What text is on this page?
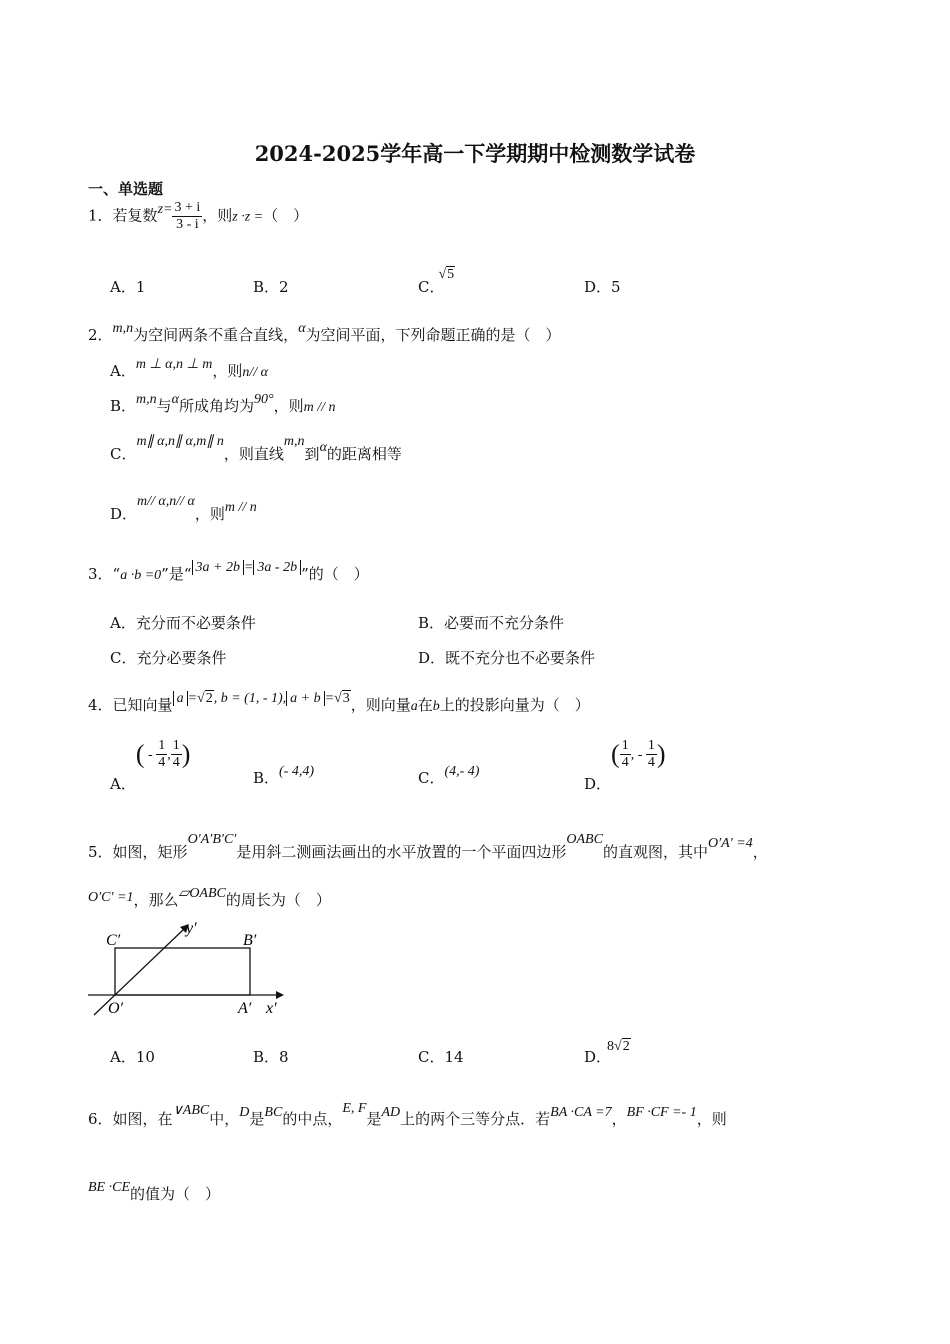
2024-2025学年高一下学期期中检测数学试卷
一、单选题
1．若复数$z= \frac{3 + i}{3 - i}$ ，则z ·z =（　）
A．1	B．2	C．√5
D．5
2．m,n为空间两条不重合直线，α为空间平面，下列命题正确的是（　）
A．m ⊥ α,n ⊥ m，则n// α
B．m,n与α所成角均为90°，则m // n
C．m∥ α,n∥ α,m∥ n，则直线m,n到α的距离相等
D．m// α,n// α，则m // n
3．“a ·b =0”是“ 3a + 2b = 3a - 2b ”的（　）
A．充分而不必要条件	B．必要而不充分条件
C．充分必要条件	D．既不充分也不必要条件
4．已知向量 a =√2, b = (1, - 1), a + b =√3，则向量a在b上的投影向量为（　）
A．( - $\frac{1}{4}$ , $\frac{1}{4}$ )
B．(- 4,4)	C．(4,- 4)
D．( $\frac{1}{4}$ , - $\frac{1}{4}$ )
5．如图，矩形O′A′B′C′是用斜二测画法画出的水平放置的一个平面四边形OABC的直观图，其中O′A′ =4，
O′C′ =1，那么▱OABC的周长为（　）
C′	B′
O′	A′ x′
y′
A．10	B．8	C．14	D．8√2
6．如图，在∨ABC中，D是BC的中点，E, F是AD上的两个三等分点．若BA ·CA =7，BF ·CF =- 1，则
BE ·CE的值为（　）
